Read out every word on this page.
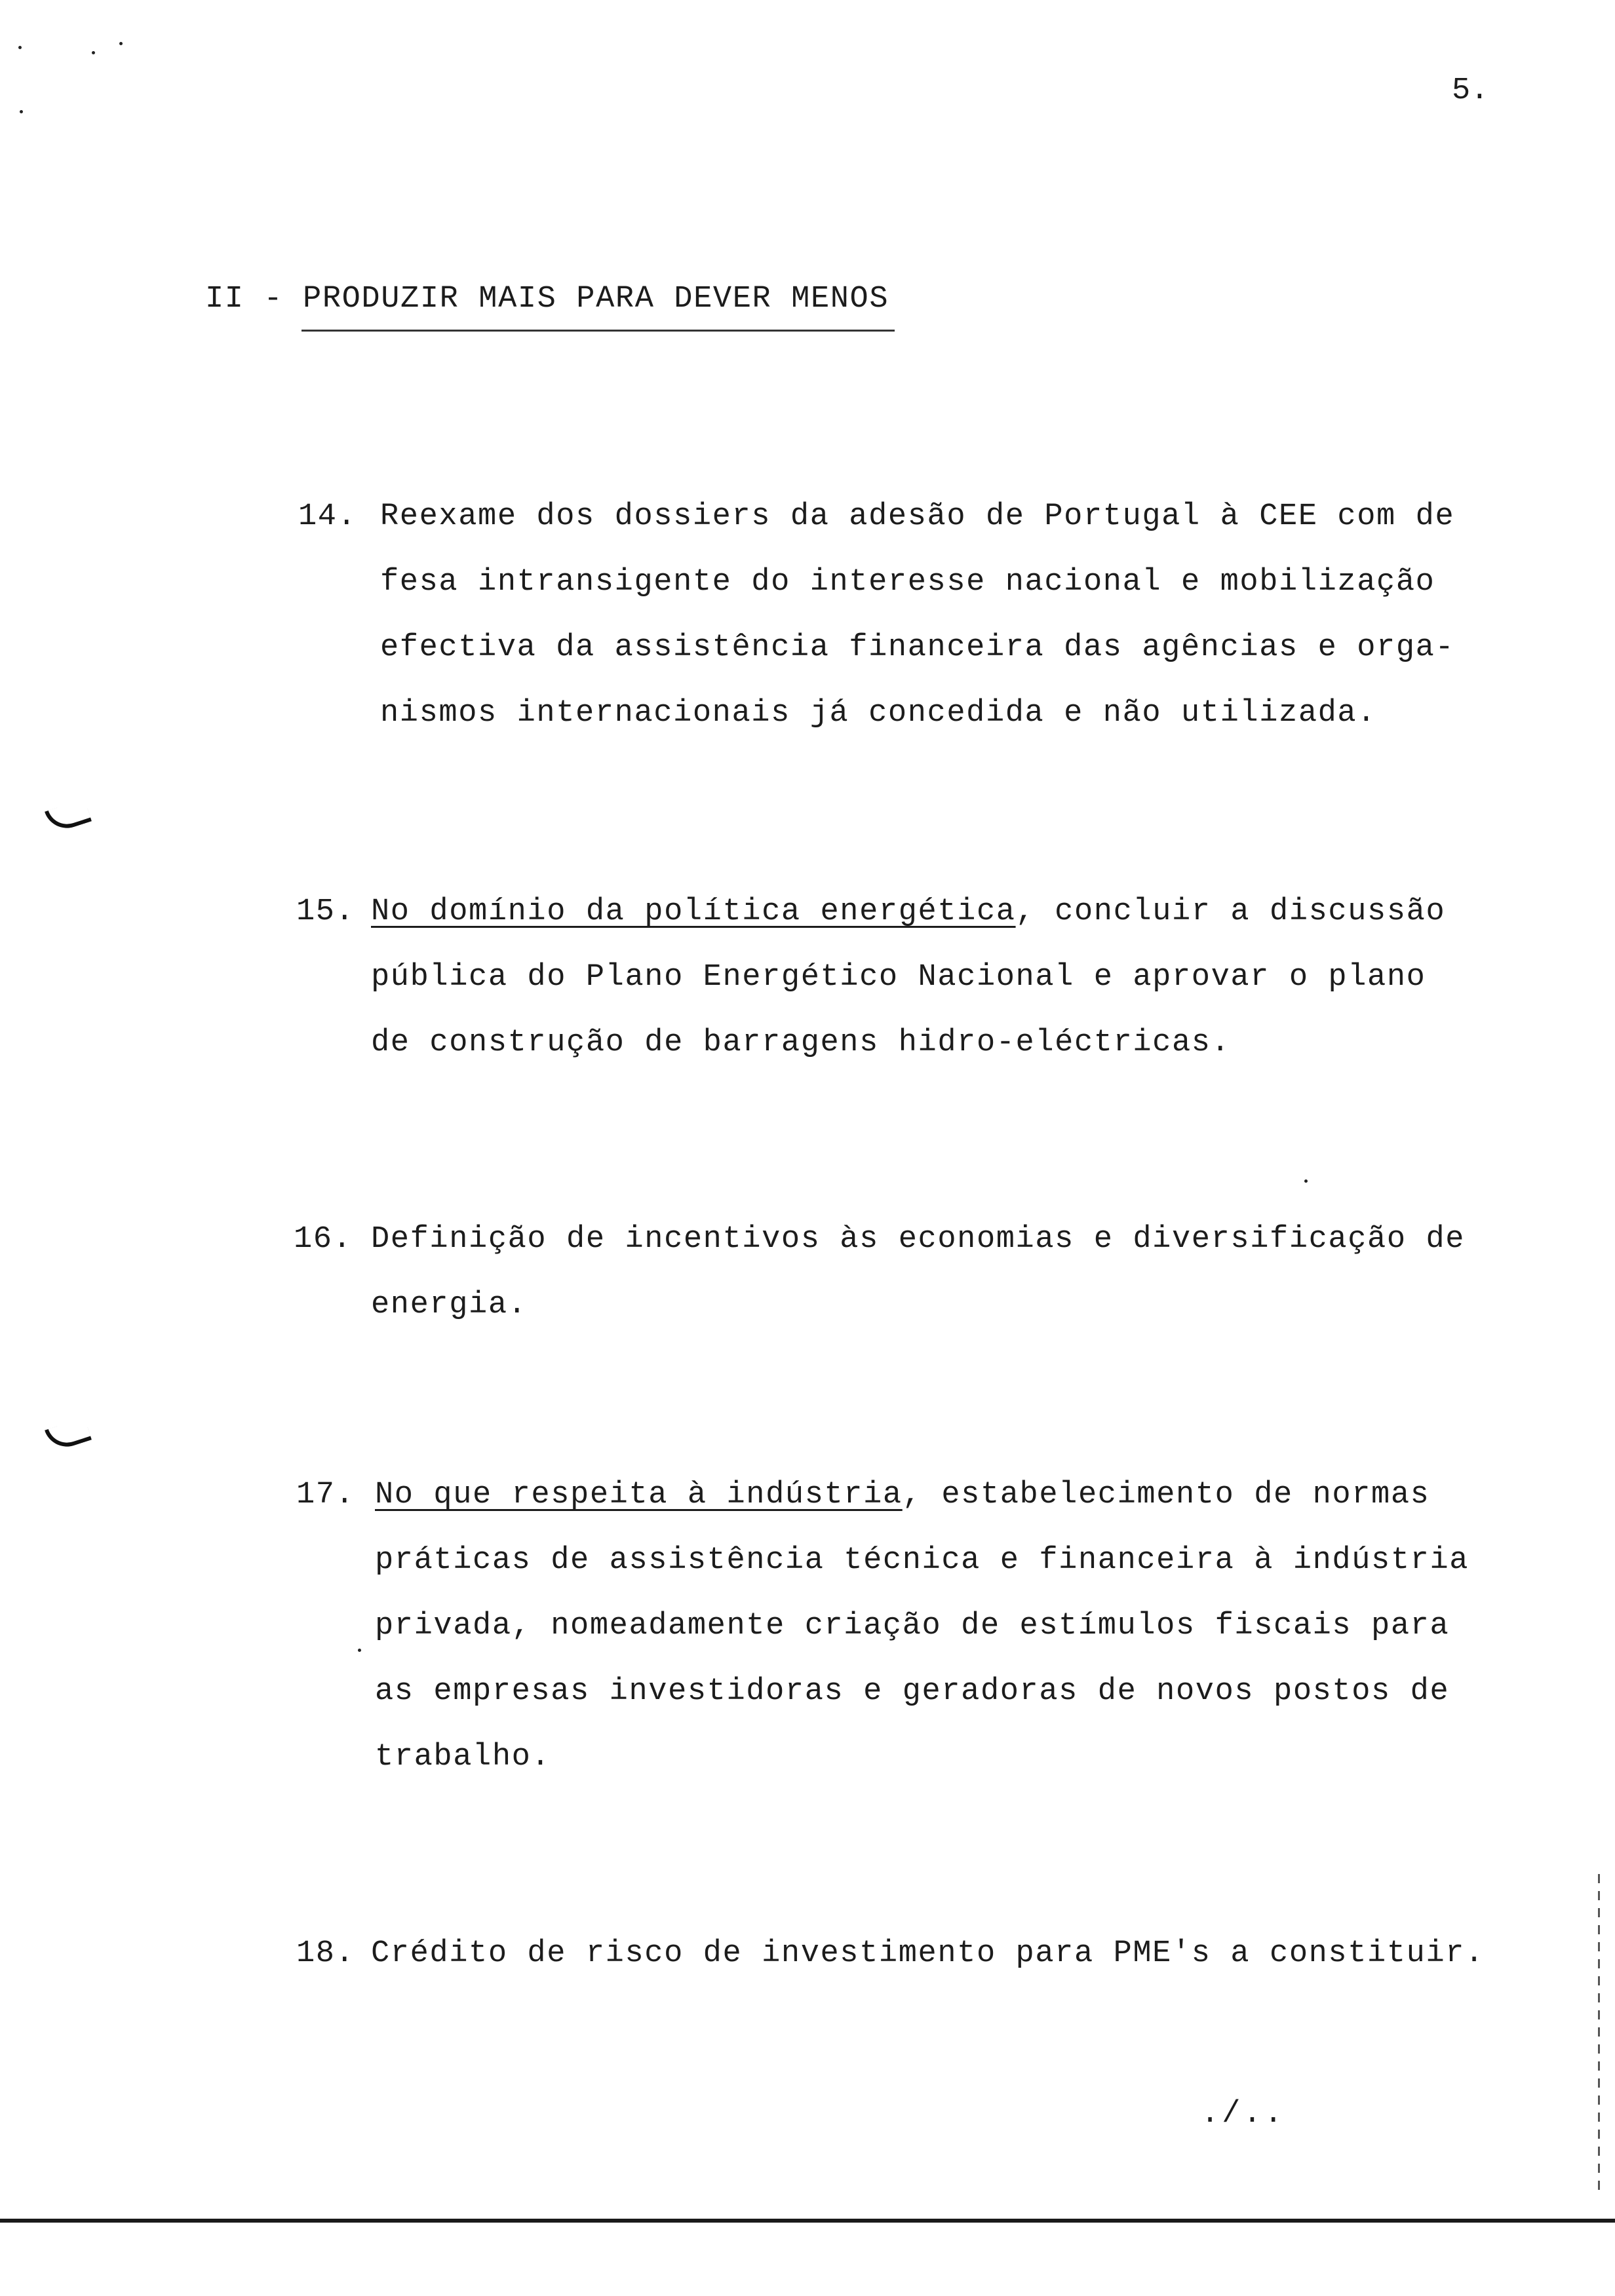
5.
II - PRODUZIR MAIS PARA DEVER MENOS
14. Reexame dos dossiers da adesão de Portugal à CEE com de
fesa intransigente do interesse nacional e mobilização
efectiva da assistência financeira das agências e orga-
nismos internacionais já concedida e não utilizada.
15. No domínio da política energética, concluir a discussão
pública do Plano Energético Nacional e aprovar o plano
de construção de barragens hidro-eléctricas.
16. Definição de incentivos às economias e diversificação de
energia.
17. No que respeita à indústria, estabelecimento de normas
práticas de assistência técnica e financeira à indústria
privada, nomeadamente criação de estímulos fiscais para
as empresas investidoras e geradoras de novos postos de
trabalho.
18. Crédito de risco de investimento para PME's a constituir.
./..
